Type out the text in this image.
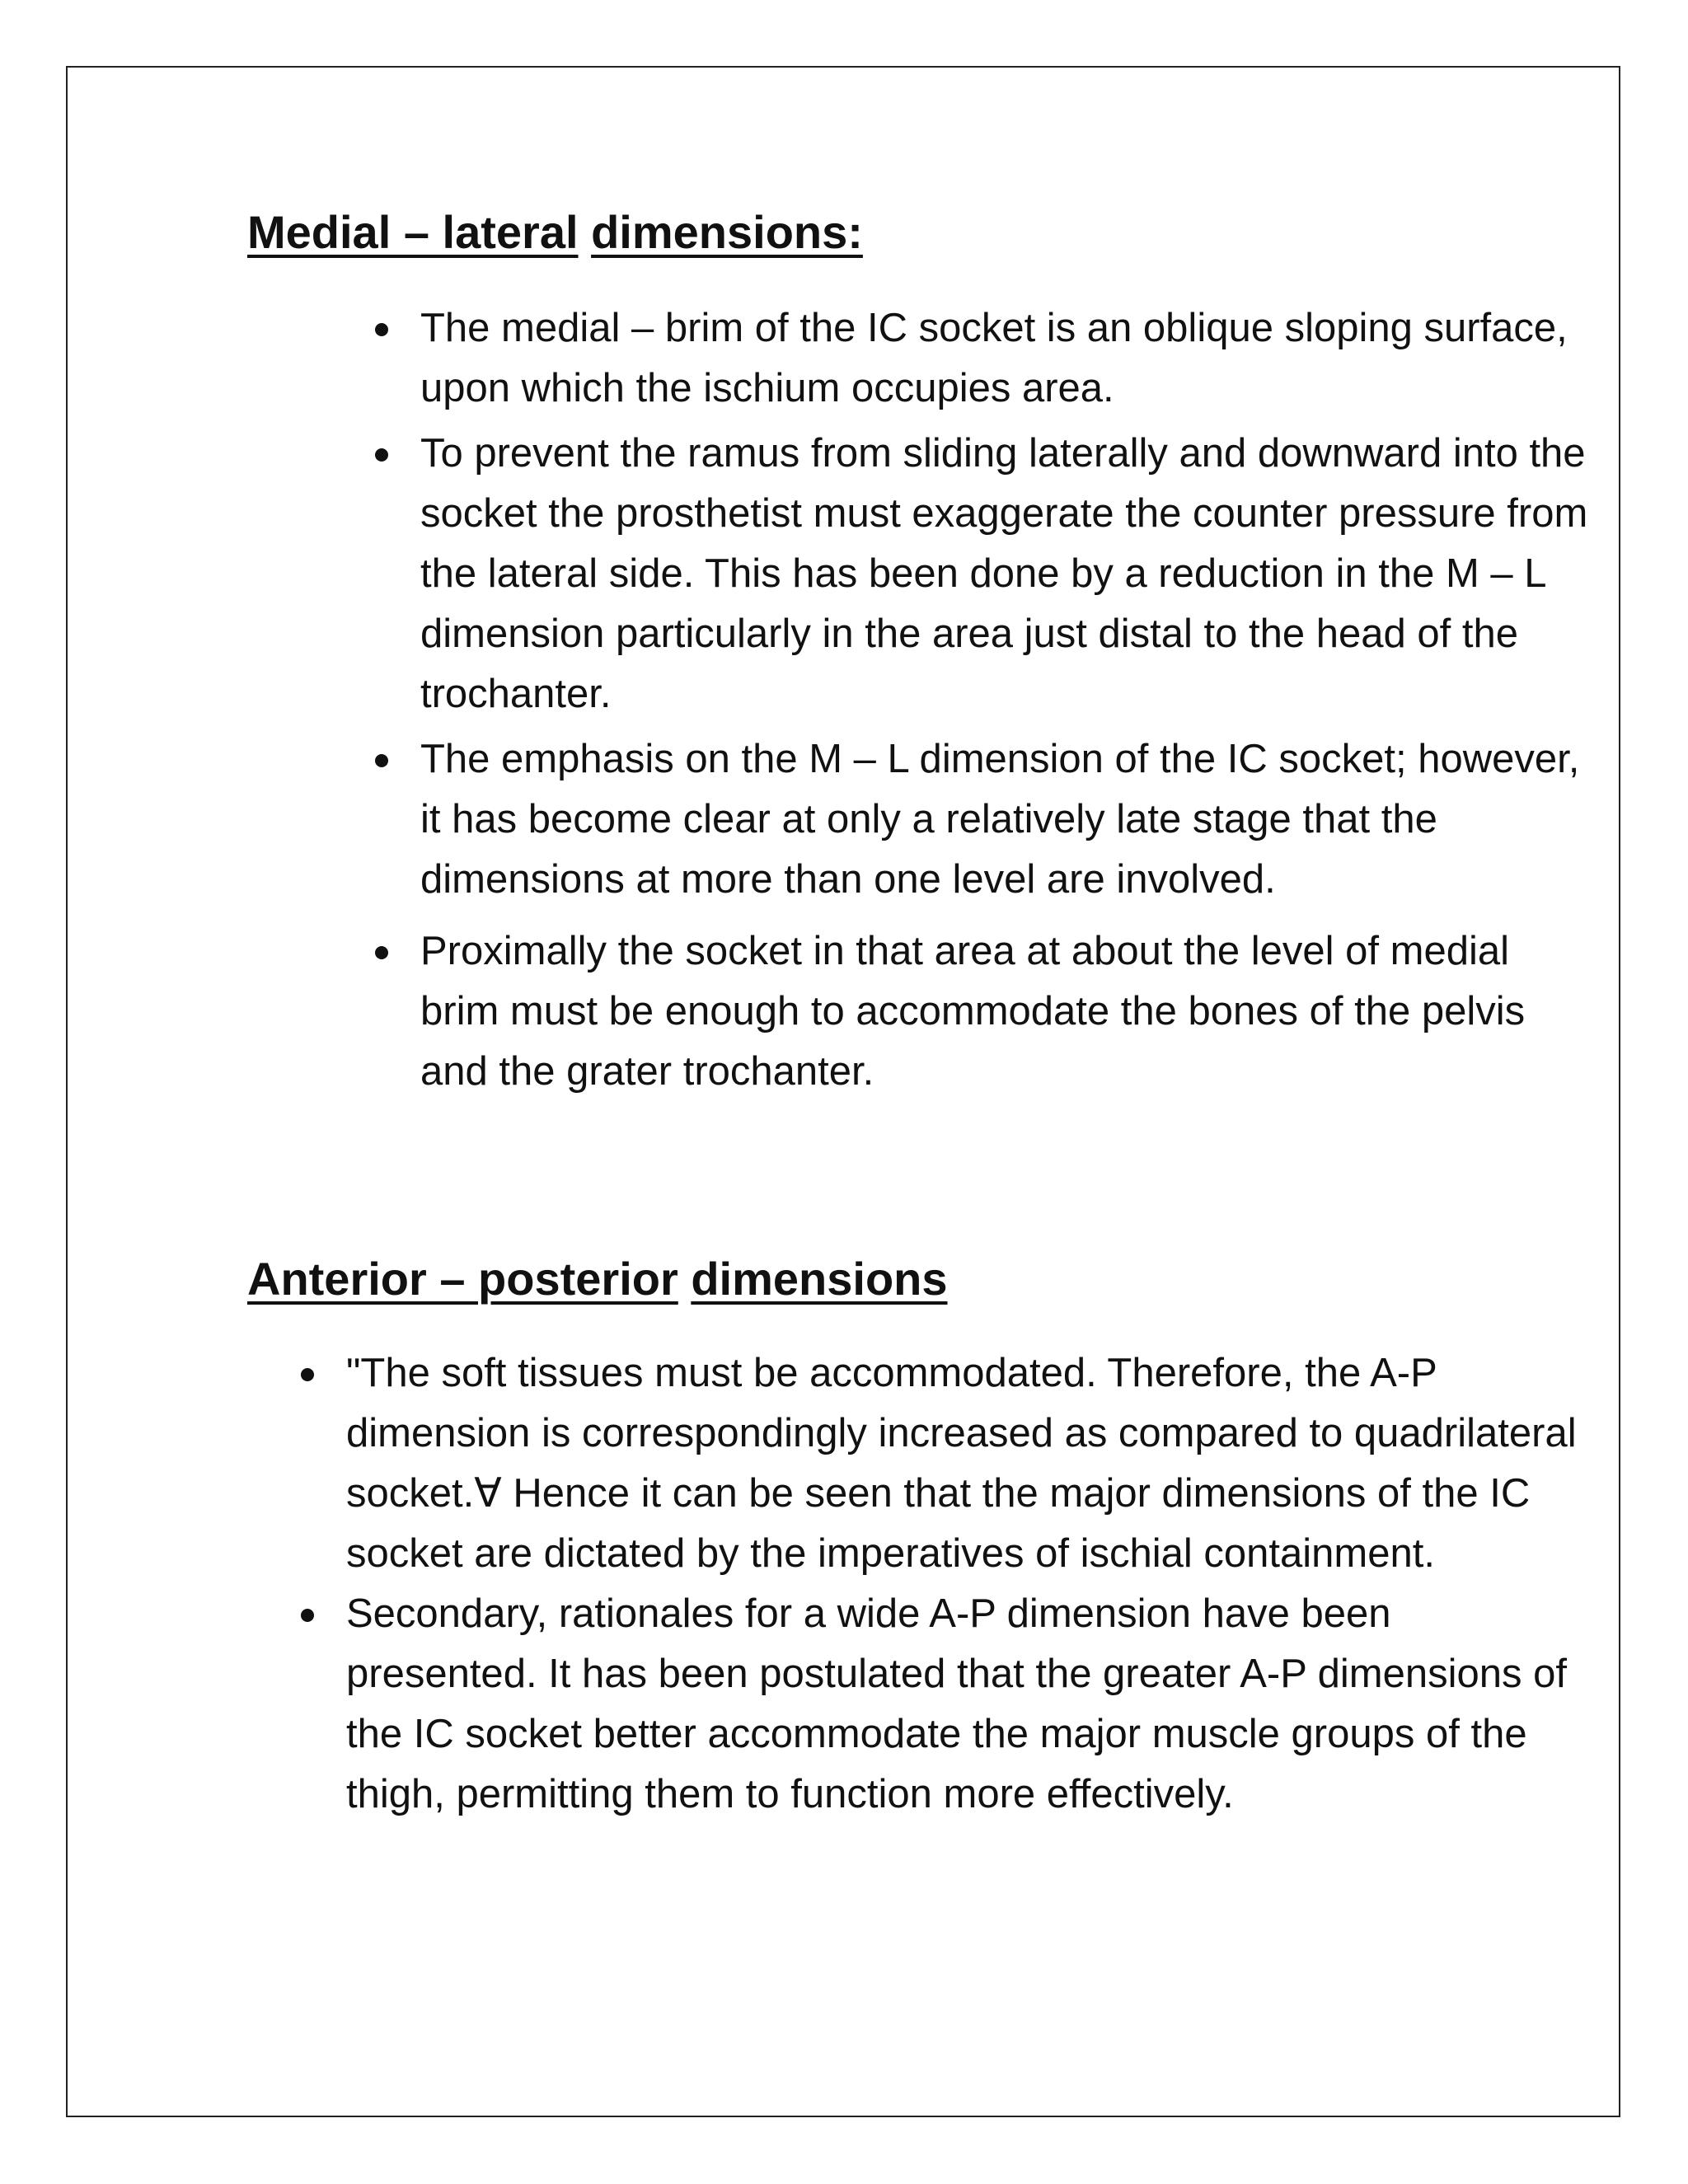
Medial – lateral dimensions:
The medial – brim of the IC socket is an oblique sloping surface, upon which the ischium occupies area.
To prevent the ramus from sliding laterally and downward into the socket the prosthetist must exaggerate the counter pressure from the lateral side. This has been done by a reduction in the M – L dimension particularly in the area just distal to the head of the trochanter.
The emphasis on the M – L dimension of the IC socket; however, it has become clear at only a relatively late stage that the dimensions at more than one level are involved.
Proximally the socket in that area at about the level of medial brim must be enough to accommodate the bones of the pelvis and the grater trochanter.
Anterior – posterior dimensions
"The soft tissues must be accommodated. Therefore, the A-P dimension is correspondingly increased as compared to quadrilateral socket.∀ Hence it can be seen that the major dimensions of the IC socket are dictated by the imperatives of ischial containment.
Secondary, rationales for a wide A-P dimension have been presented. It has been postulated that the greater A-P dimensions of the IC socket better accommodate the major muscle groups of the thigh, permitting them to function more effectively.
